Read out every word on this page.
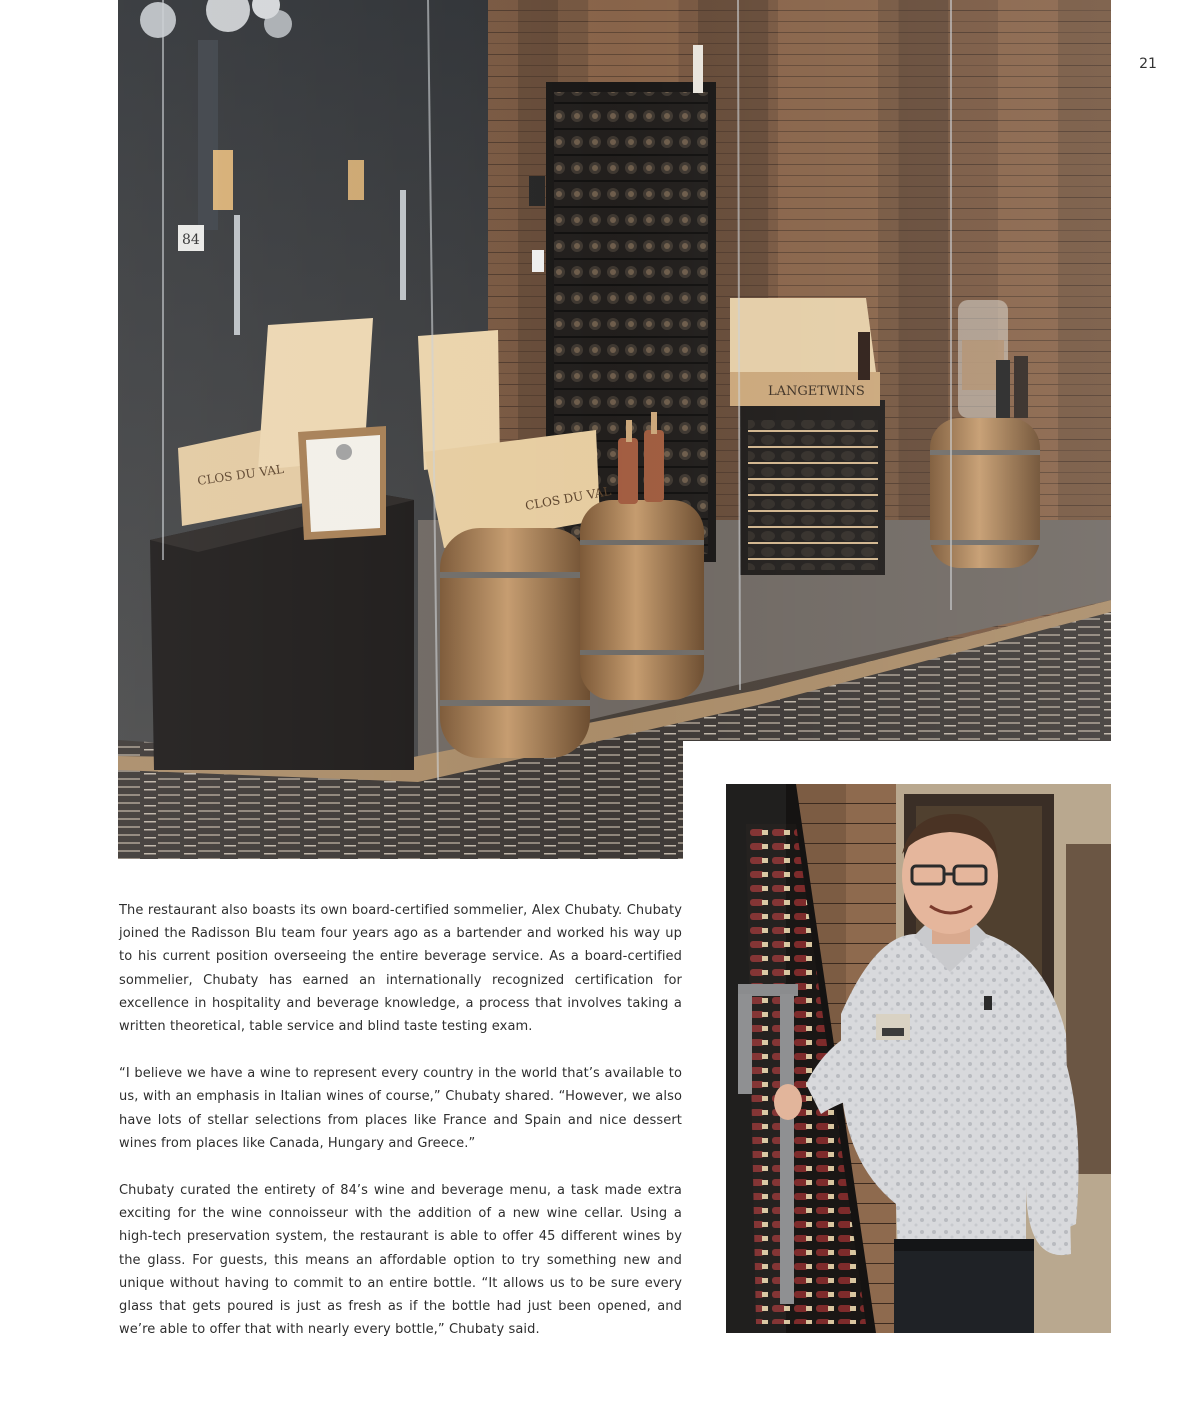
21

The restaurant also boasts its own board-certified sommelier, Alex Chubaty. Chubaty joined the Radisson Blu team four years ago as a bartender and worked his way up to his current position overseeing the entire beverage service. As a board-certified sommelier, Chubaty has earned an internationally recognized certification for excellence in hospitality and beverage knowledge, a process that involves taking a written theoretical, table service and blind taste testing exam.

“I believe we have a wine to represent every country in the world that’s available to us, with an emphasis in Italian wines of course,” Chubaty shared. “However, we also have lots of stellar selections from places like France and Spain and nice dessert wines from places like Canada, Hungary and Greece.”

Chubaty curated the entirety of 84’s wine and beverage menu, a task made extra exciting for the wine connoisseur with the addition of a new wine cellar. Using a high-tech preservation system, the restaurant is able to offer 45 different wines by the glass. For guests, this means an affordable option to try something new and unique without having to commit to an entire bottle. “It allows us to be sure every glass that gets poured is just as fresh as if the bottle had just been opened, and we’re able to offer that with nearly every bottle,” Chubaty said.
